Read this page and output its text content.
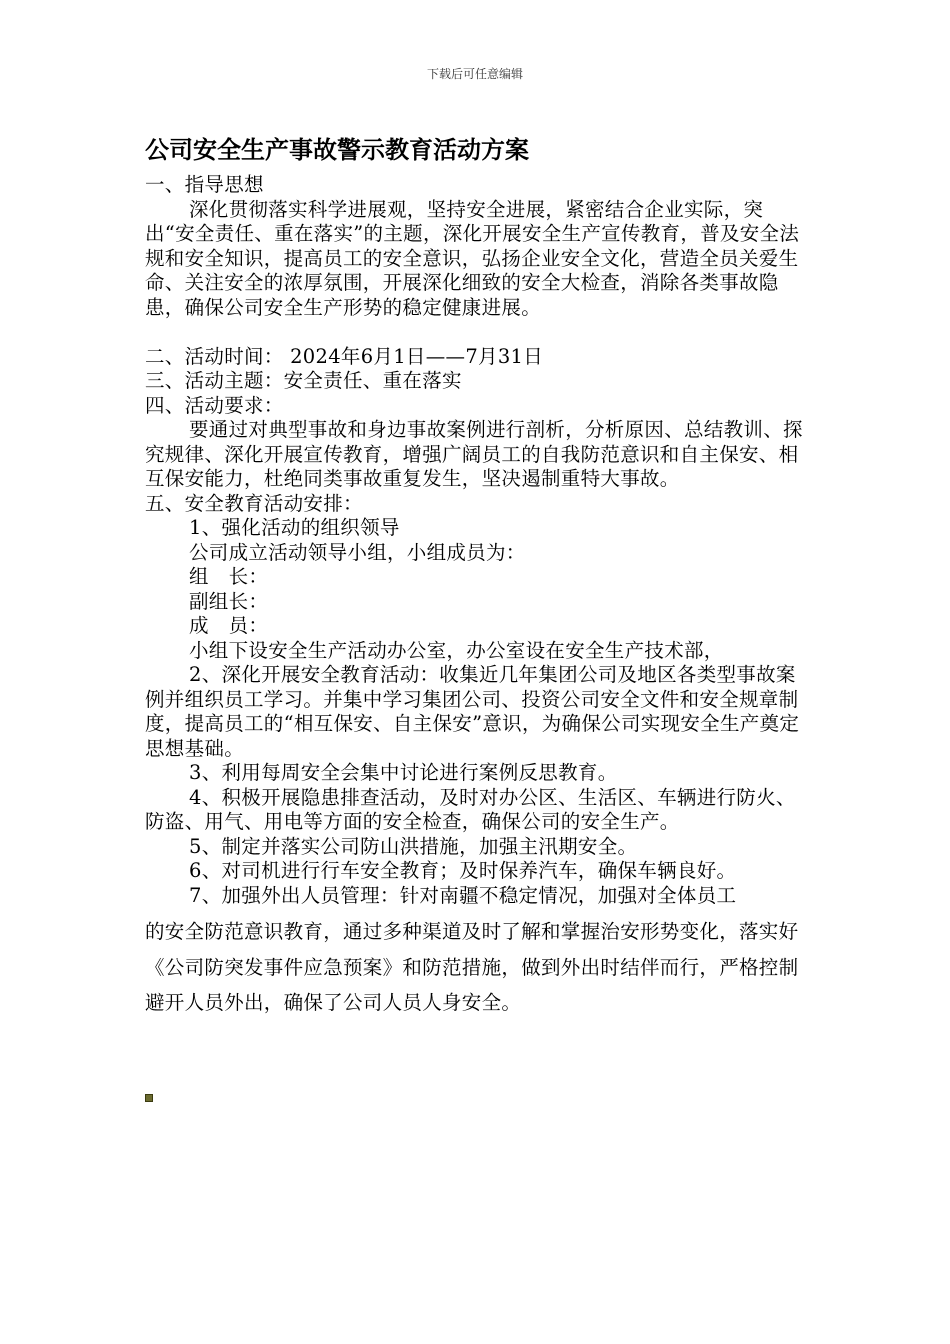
下载后可任意编辑
公司安全生产事故警示教育活动方案

一、指导思想

深化贯彻落实科学进展观，坚持安全进展，紧密结合企业实际，突出“安全责任、重在落实”的主题，深化开展安全生产宣传教育，普及安全法规和安全知识，提高员工的安全意识，弘扬企业安全文化，营造全员关爱生命、关注安全的浓厚氛围，开展深化细致的安全大检查，消除各类事故隐患，确保公司安全生产形势的稳定健康进展。

二、活动时间： 2024年6月1日——7月31日

三、活动主题：安全责任、重在落实

四、活动要求：

要通过对典型事故和身边事故案例进行剖析，分析原因、总结教训、探究规律、深化开展宣传教育，增强广阔员工的自我防范意识和自主保安、相互保安能力，杜绝同类事故重复发生，坚决遏制重特大事故。

五、安全教育活动安排：

1、强化活动的组织领导

公司成立活动领导小组，小组成员为：

组　长：

副组长：

成　员：

小组下设安全生产活动办公室，办公室设在安全生产技术部，

2、深化开展安全教育活动：收集近几年集团公司及地区各类型事故案例并组织员工学习。并集中学习集团公司、投资公司安全文件和安全规章制度，提高员工的“相互保安、自主保安”意识，为确保公司实现安全生产奠定思想基础。

3、利用每周安全会集中讨论进行案例反思教育。

4、积极开展隐患排查活动，及时对办公区、生活区、车辆进行防火、防盗、用气、用电等方面的安全检查，确保公司的安全生产。

5、制定并落实公司防山洪措施，加强主汛期安全。

6、对司机进行行车安全教育；及时保养汽车，确保车辆良好。

7、加强外出人员管理：针对南疆不稳定情况，加强对全体员工

的安全防范意识教育，通过多种渠道及时了解和掌握治安形势变化，落实好《公司防突发事件应急预案》和防范措施，做到外出时结伴而行，严格控制避开人员外出，确保了公司人员人身安全。
